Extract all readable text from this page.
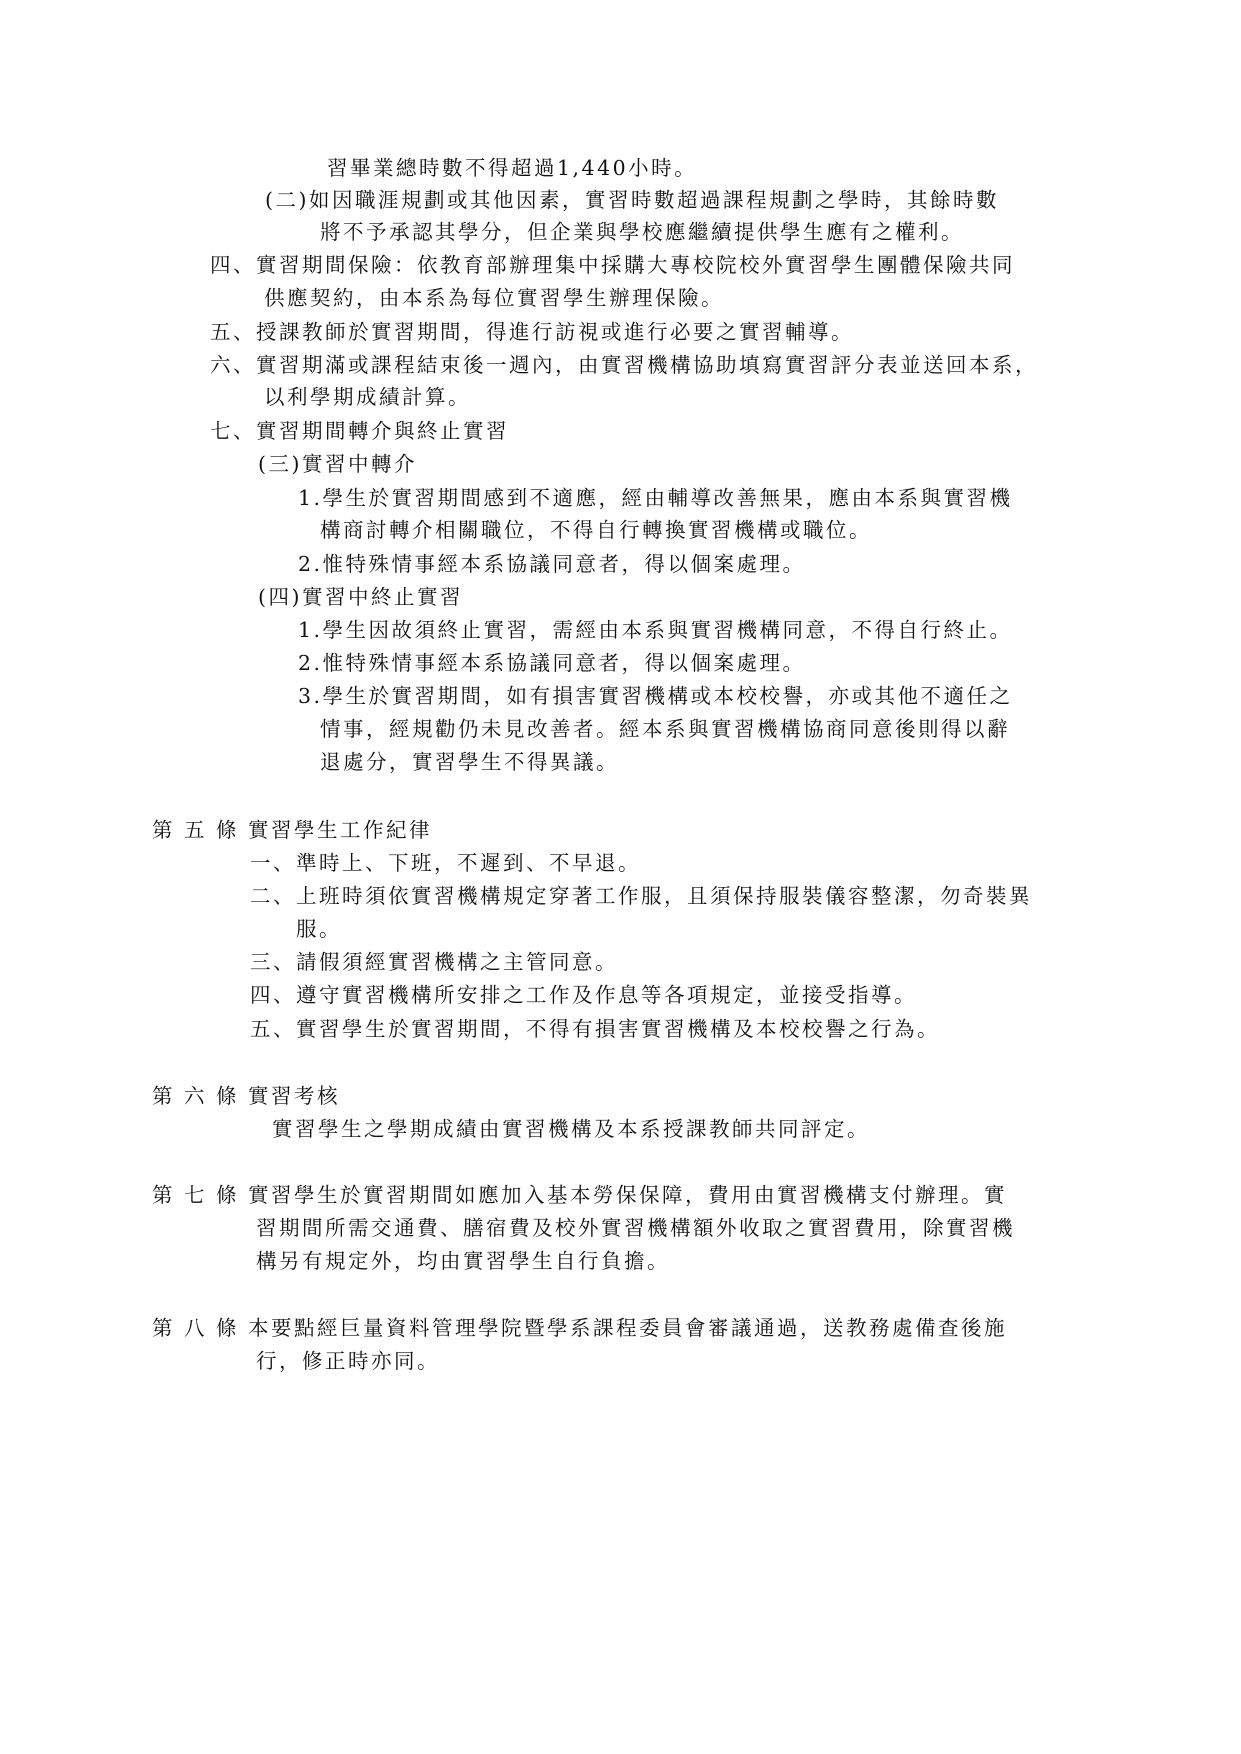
習畢業總時數不得超過1,440小時。
(二)如因職涯規劃或其他因素，實習時數超過課程規劃之學時，其餘時數
將不予承認其學分，但企業與學校應繼續提供學生應有之權利。
四、實習期間保險：依教育部辦理集中採購大專校院校外實習學生團體保險共同
供應契約，由本系為每位實習學生辦理保險。
五、授課教師於實習期間，得進行訪視或進行必要之實習輔導。
六、實習期滿或課程結束後一週內，由實習機構協助填寫實習評分表並送回本系，
以利學期成績計算。
七、實習期間轉介與終止實習
(三)實習中轉介
1.學生於實習期間感到不適應，經由輔導改善無果，應由本系與實習機
構商討轉介相關職位，不得自行轉換實習機構或職位。
2.惟特殊情事經本系協議同意者，得以個案處理。
(四)實習中終止實習
1.學生因故須終止實習，需經由本系與實習機構同意，不得自行終止。
2.惟特殊情事經本系協議同意者，得以個案處理。
3.學生於實習期間，如有損害實習機構或本校校譽，亦或其他不適任之
情事，經規勸仍未見改善者。經本系與實習機構協商同意後則得以辭
退處分，實習學生不得異議。
第 五 條 實習學生工作紀律
一、準時上、下班，不遲到、不早退。
二、上班時須依實習機構規定穿著工作服，且須保持服裝儀容整潔，勿奇裝異
服。
三、請假須經實習機構之主管同意。
四、遵守實習機構所安排之工作及作息等各項規定，並接受指導。
五、實習學生於實習期間，不得有損害實習機構及本校校譽之行為。
第 六 條 實習考核
實習學生之學期成績由實習機構及本系授課教師共同評定。
第 七 條 實習學生於實習期間如應加入基本勞保保障，費用由實習機構支付辦理。實
習期間所需交通費、膳宿費及校外實習機構額外收取之實習費用，除實習機
構另有規定外，均由實習學生自行負擔。
第 八 條 本要點經巨量資料管理學院暨學系課程委員會審議通過，送教務處備查後施
行，修正時亦同。
